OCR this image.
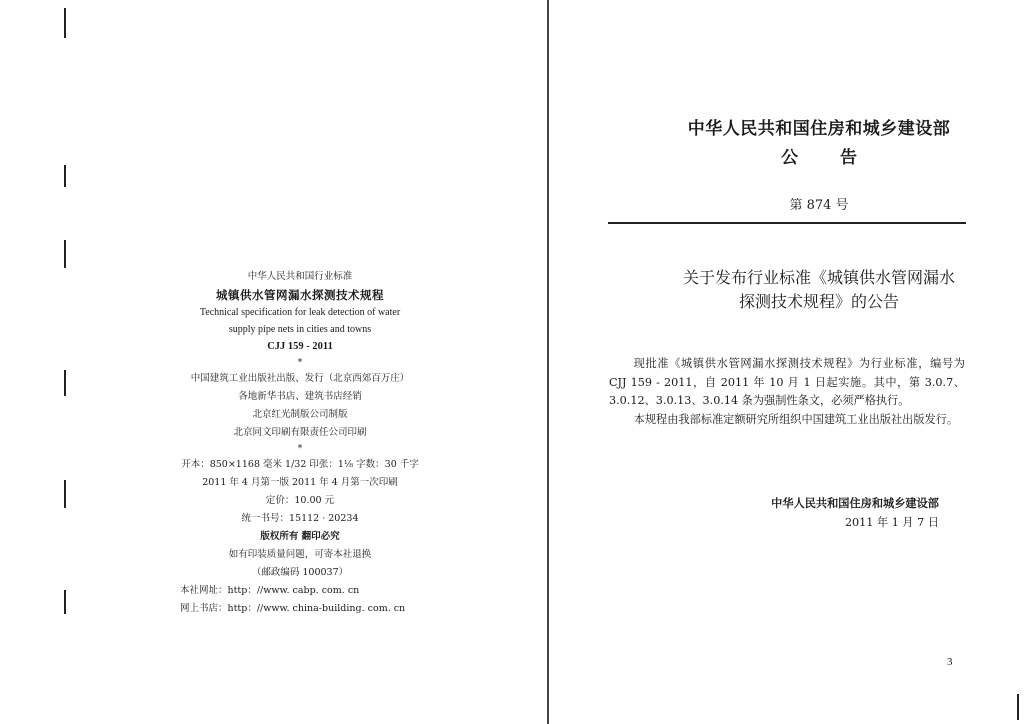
中华人民共和国行业标准
城镇供水管网漏水探测技术规程
Technical specification for leak detection of water
supply pipe nets in cities and towns
CJJ 159 - 2011
*
中国建筑工业出版社出版、发行（北京西郊百万庄）
各地新华书店、建筑书店经销
北京红光制版公司制版
北京同文印刷有限责任公司印刷
*
开本：850×1168 毫米 1/32 印张：1⅛ 字数：30 千字
2011 年 4 月第一版 2011 年 4 月第一次印刷
定价：10.00 元
统一书号：15112 · 20234
版权所有 翻印必究
如有印装质量问题，可寄本社退换
（邮政编码 100037）
本社网址：http：//www. cabp. com. cn
网上书店：http：//www. china-building. com. cn
中华人民共和国住房和城乡建设部
公告
第 874 号
关于发布行业标准《城镇供水管网漏水
探测技术规程》的公告

现批准《城镇供水管网漏水探测技术规程》为行业标准，编号为 CJJ 159 - 2011，自 2011 年 10 月 1 日起实施。其中，第 3.0.7、3.0.12、3.0.13、3.0.14 条为强制性条文，必须严格执行。

本规程由我部标准定额研究所组织中国建筑工业出版社出版发行。

中华人民共和国住房和城乡建设部
2011 年 1 月 7 日
3
